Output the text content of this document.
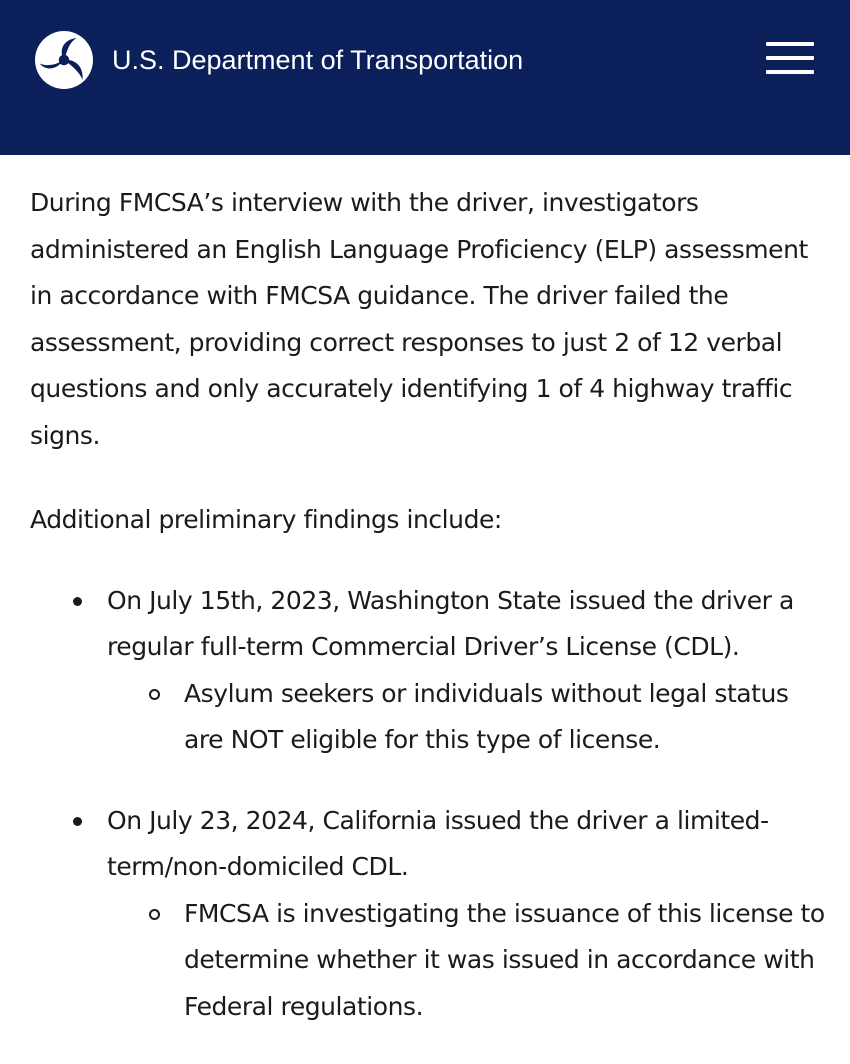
U.S. Department of Transportation

During FMCSA’s interview with the driver, investigators administered an English Language Proficiency (ELP) assessment in accordance with FMCSA guidance. The driver failed the assessment, providing correct responses to just 2 of 12 verbal questions and only accurately identifying 1 of 4 highway traffic signs.

Additional preliminary findings include:

On July 15th, 2023, Washington State issued the driver a regular full-term Commercial Driver’s License (CDL).
Asylum seekers or individuals without legal status are NOT eligible for this type of license.
On July 23, 2024, California issued the driver a limited-term/non-domiciled CDL.
FMCSA is investigating the issuance of this license to determine whether it was issued in accordance with Federal regulations.
